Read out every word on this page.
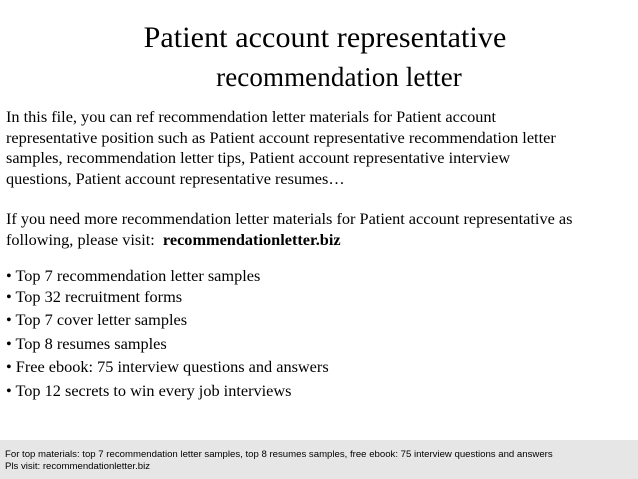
Patient account representative
recommendation letter
In this file, you can ref recommendation letter materials for Patient account
representative position such as Patient account representative recommendation letter
samples, recommendation letter tips, Patient account representative interview
questions, Patient account representative resumes…
If you need more recommendation letter materials for Patient account representative as
following, please visit:  recommendationletter.biz
• Top 7 recommendation letter samples
• Top 32 recruitment forms
• Top 7 cover letter samples
• Top 8 resumes samples
• Free ebook: 75 interview questions and answers
• Top 12 secrets to win every job interviews
For top materials: top 7 recommendation letter samples, top 8 resumes samples, free ebook: 75 interview questions and answers
Pls visit: recommendationletter.biz
